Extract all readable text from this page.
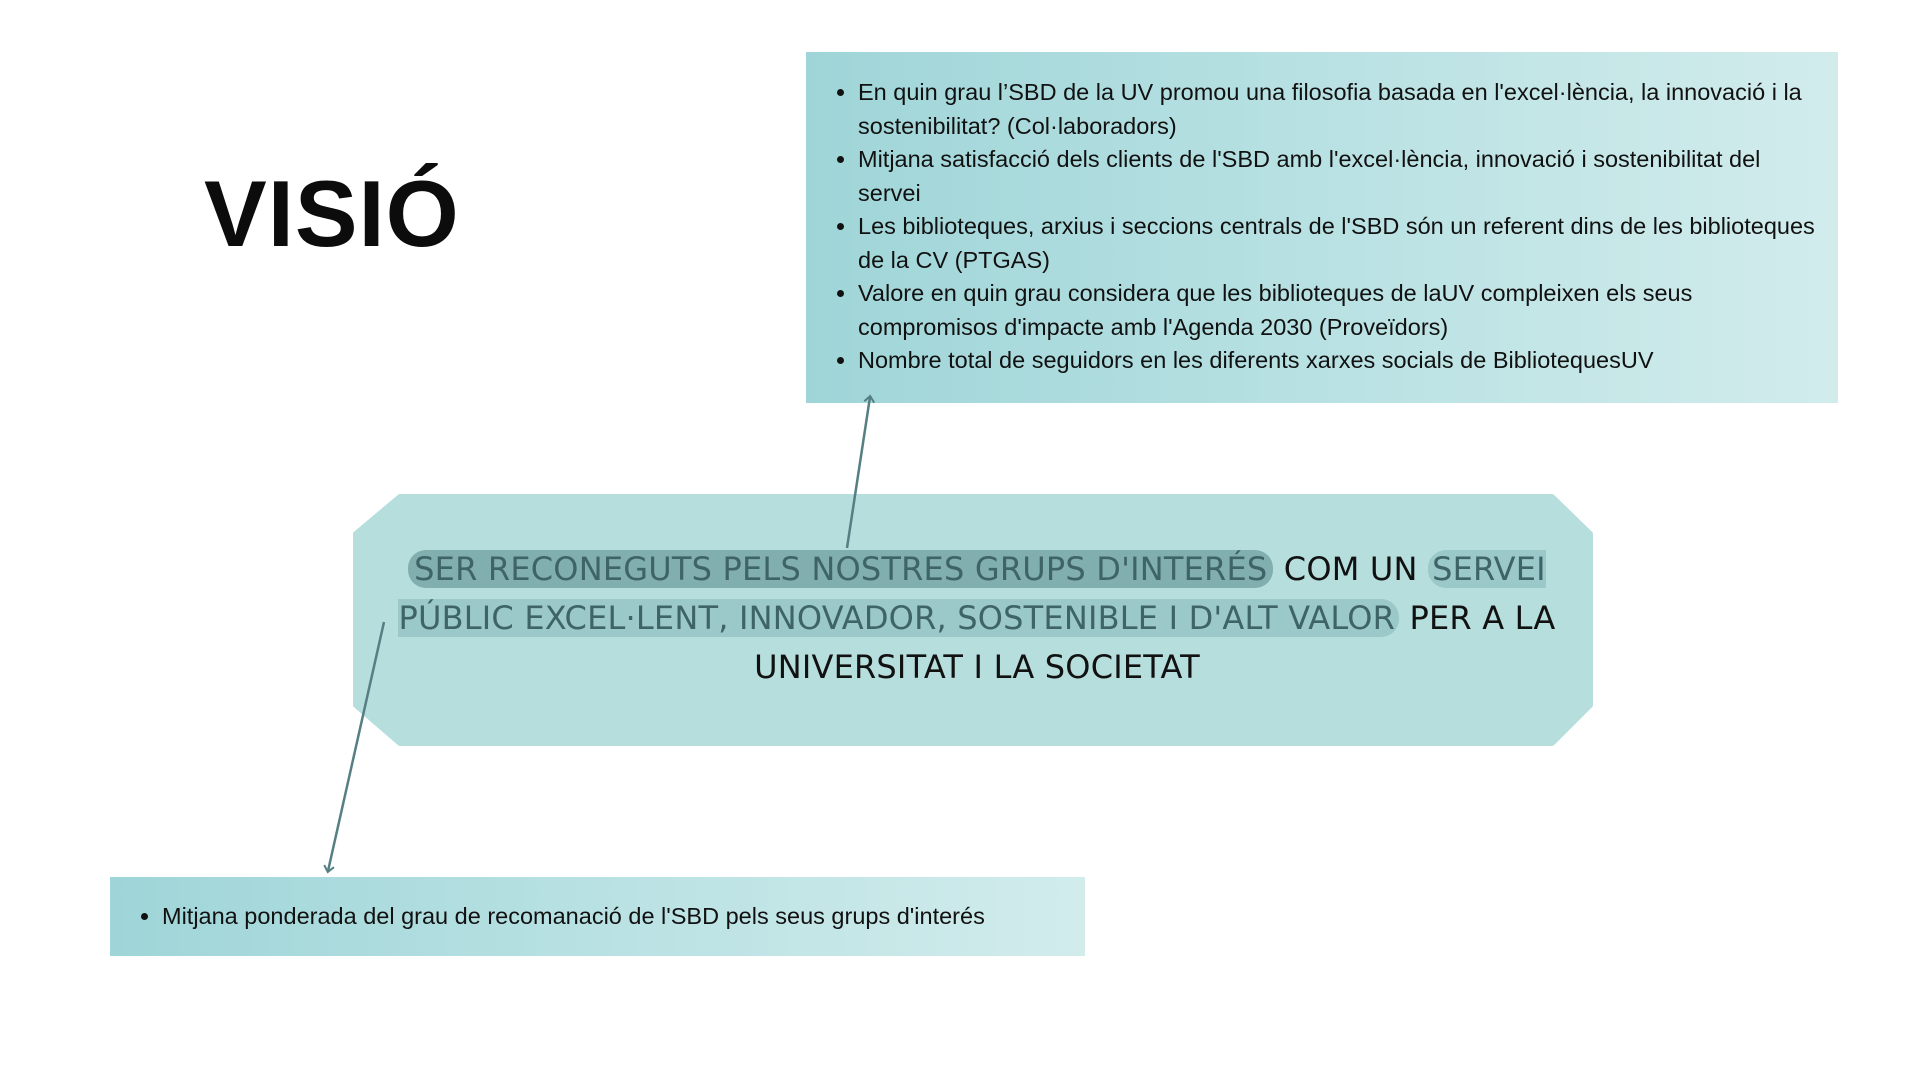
VISIÓ
• En quin grau l’SBD de la UV promou una filosofia basada en l'excel·lència, la innovació i la sostenibilitat? (Col·laboradors)
• Mitjana satisfacció dels clients de l'SBD amb l'excel·lència, innovació i sostenibilitat del servei
• Les biblioteques, arxius i seccions centrals de l'SBD són un referent dins de les biblioteques de la CV (PTGAS)
• Valore en quin grau considera que les biblioteques de laUV compleixen els seus compromisos d'impacte amb l'Agenda 2030 (Proveïdors)
• Nombre total de seguidors en les diferents xarxes socials de BibliotequesUV
• Mitjana ponderada del grau de recomanació de l'SBD pels seus grups d'interés
SER RECONEGUTS PELS NOSTRES GRUPS D'INTERÉS COM UN SERVEI PÚBLIC EXCEL·LENT, INNOVADOR, SOSTENIBLE I D'ALT VALOR PER A LA UNIVERSITAT I LA SOCIETAT
